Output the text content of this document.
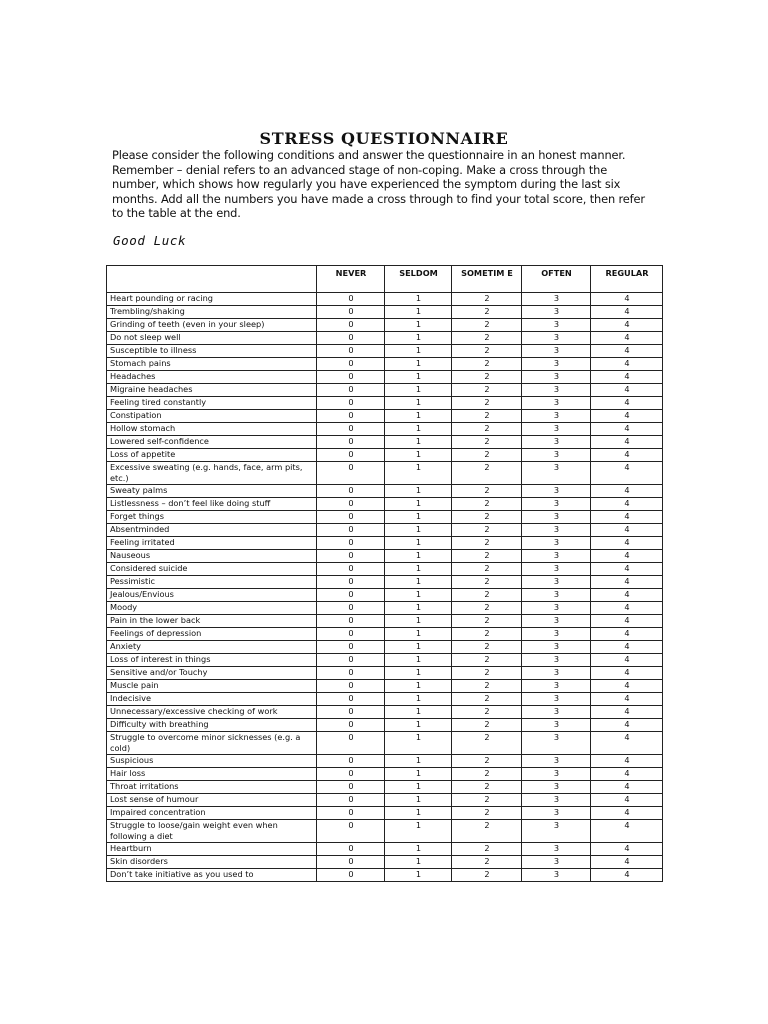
STRESS QUESTIONNAIRE
Please consider the following conditions and answer the questionnaire in an honest manner.
Remember – denial refers to an advanced stage of non-coping. Make a cross through the
number, which shows how regularly you have experienced the symptom during the last six
months. Add all the numbers you have made a cross through to find your total score, then refer
to the table at the end.
Good Luck
	NEVER	SELDOM	SOMETIM E	OFTEN	REGULAR
Heart pounding or racing	0	1	2	3	4
Trembling/shaking	0	1	2	3	4
Grinding of teeth (even in your sleep)	0	1	2	3	4
Do not sleep well	0	1	2	3	4
Susceptible to illness	0	1	2	3	4
Stomach pains	0	1	2	3	4
Headaches	0	1	2	3	4
Migraine headaches	0	1	2	3	4
Feeling tired constantly	0	1	2	3	4
Constipation	0	1	2	3	4
Hollow stomach	0	1	2	3	4
Lowered self-confidence	0	1	2	3	4
Loss of appetite	0	1	2	3	4
Excessive sweating (e.g. hands, face, arm pits, etc.)	0	1	2	3	4
Sweaty palms	0	1	2	3	4
Listlessness – don’t feel like doing stuff	0	1	2	3	4
Forget things	0	1	2	3	4
Absentminded	0	1	2	3	4
Feeling irritated	0	1	2	3	4
Nauseous	0	1	2	3	4
Considered suicide	0	1	2	3	4
Pessimistic	0	1	2	3	4
Jealous/Envious	0	1	2	3	4
Moody	0	1	2	3	4
Pain in the lower back	0	1	2	3	4
Feelings of depression	0	1	2	3	4
Anxiety	0	1	2	3	4
Loss of interest in things	0	1	2	3	4
Sensitive and/or Touchy	0	1	2	3	4
Muscle pain	0	1	2	3	4
Indecisive	0	1	2	3	4
Unnecessary/excessive checking of work	0	1	2	3	4
Difficulty with breathing	0	1	2	3	4
Struggle to overcome minor sicknesses (e.g. a cold)	0	1	2	3	4
Suspicious	0	1	2	3	4
Hair loss	0	1	2	3	4
Throat irritations	0	1	2	3	4
Lost sense of humour	0	1	2	3	4
Impaired concentration	0	1	2	3	4
Struggle to loose/gain weight even when following a diet	0	1	2	3	4
Heartburn	0	1	2	3	4
Skin disorders	0	1	2	3	4
Don’t take initiative as you used to	0	1	2	3	4
